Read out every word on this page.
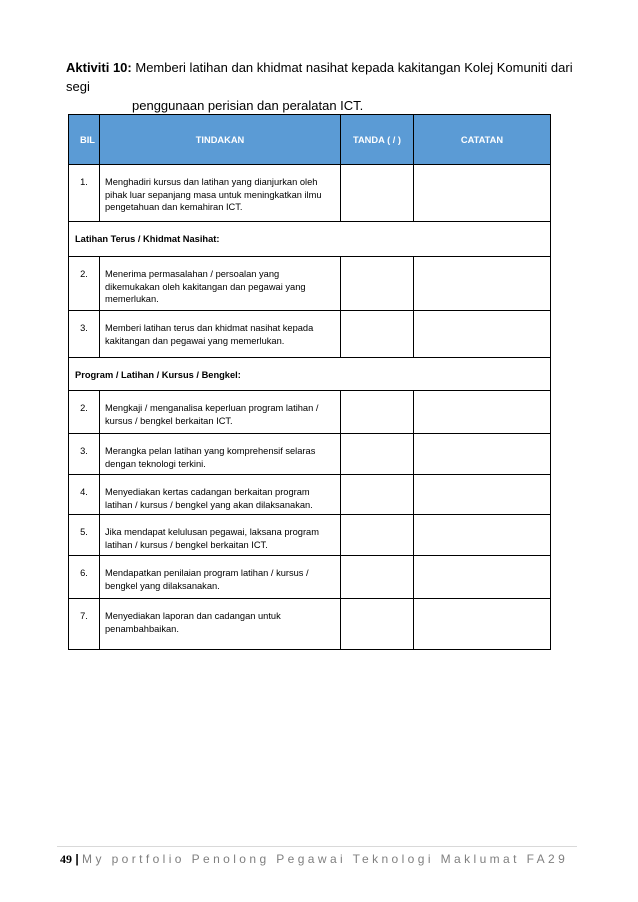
Aktiviti 10: Memberi latihan dan khidmat nasihat kepada kakitangan Kolej Komuniti dari segi
penggunaan perisian dan peralatan ICT.
BIL	TINDAKAN	TANDA ( / )	CATATAN
1.	Menghadiri kursus dan latihan yang dianjurkan oleh pihak luar sepanjang masa untuk meningkatkan ilmu pengetahuan dan kemahiran ICT.		
Latihan Terus / Khidmat Nasihat:			
2.	Menerima permasalahan / persoalan yang dikemukakan oleh kakitangan dan pegawai yang memerlukan.		
3.	Memberi latihan terus dan khidmat nasihat kepada kakitangan dan pegawai yang memerlukan.		
Program / Latihan / Kursus / Bengkel:			
2.	Mengkaji / menganalisa keperluan program latihan / kursus / bengkel berkaitan ICT.		
3.	Merangka pelan latihan yang komprehensif selaras dengan teknologi terkini.		
4.	Menyediakan kertas cadangan berkaitan program latihan / kursus / bengkel yang akan dilaksanakan.		
5.	Jika mendapat kelulusan pegawai, laksana program latihan / kursus / bengkel berkaitan ICT.		
6.	Mendapatkan penilaian program latihan / kursus / bengkel yang dilaksanakan.		
7.	Menyediakan laporan dan cadangan untuk penambahbaikan.		
49 | My portfolio Penolong Pegawai Teknologi Maklumat FA29
